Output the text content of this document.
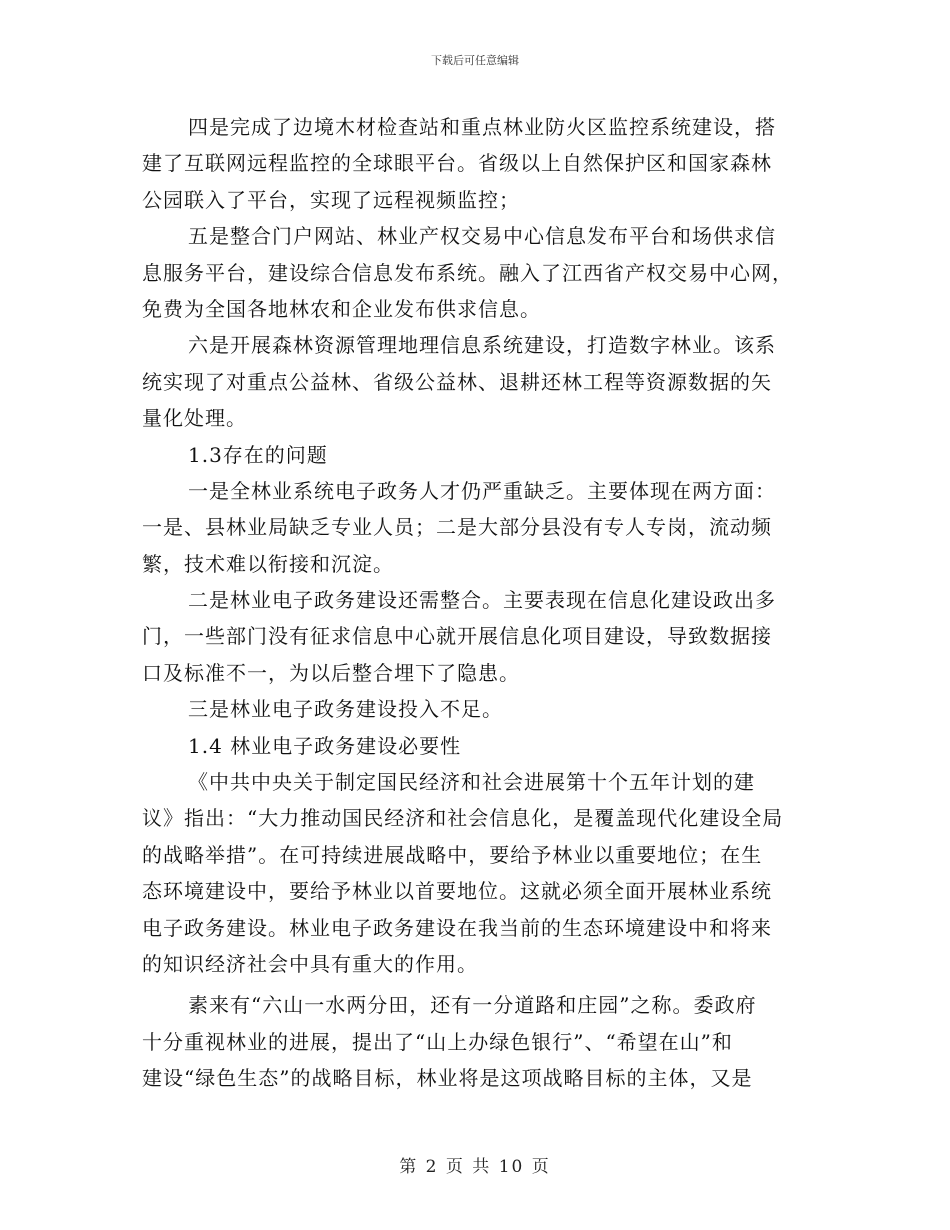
下载后可任意编辑
四是完成了边境木材检查站和重点林业防火区监控系统建设，搭
建了互联网远程监控的全球眼平台。省级以上自然保护区和国家森林
公园联入了平台，实现了远程视频监控；
五是整合门户网站、林业产权交易中心信息发布平台和场供求信
息服务平台，建设综合信息发布系统。融入了江西省产权交易中心网，
免费为全国各地林农和企业发布供求信息。
六是开展森林资源管理地理信息系统建设，打造数字林业。该系
统实现了对重点公益林、省级公益林、退耕还林工程等资源数据的矢
量化处理。
1.3存在的问题
一是全林业系统电子政务人才仍严重缺乏。主要体现在两方面：
一是、县林业局缺乏专业人员；二是大部分县没有专人专岗，流动频
繁，技术难以衔接和沉淀。
二是林业电子政务建设还需整合。主要表现在信息化建设政出多
门，一些部门没有征求信息中心就开展信息化项目建设，导致数据接
口及标准不一，为以后整合埋下了隐患。
三是林业电子政务建设投入不足。
1.4 林业电子政务建设必要性
《中共中央关于制定国民经济和社会进展第十个五年计划的建
议》指出：“大力推动国民经济和社会信息化，是覆盖现代化建设全局
的战略举措”。在可持续进展战略中，要给予林业以重要地位；在生
态环境建设中，要给予林业以首要地位。这就必须全面开展林业系统
电子政务建设。林业电子政务建设在我当前的生态环境建设中和将来
的知识经济社会中具有重大的作用。
素来有“六山一水两分田，还有一分道路和庄园”之称。委政府
十分重视林业的进展，提出了“山上办绿色银行”、“希望在山”和
建设“绿色生态”的战略目标，林业将是这项战略目标的主体，又是
第 2 页 共 10 页
